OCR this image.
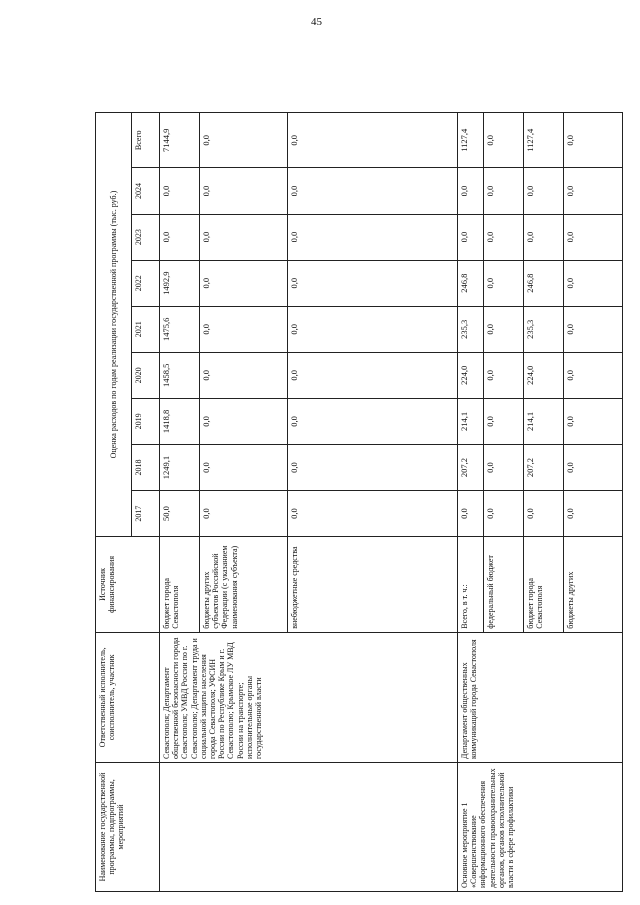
45
Наименование государственной программы, подпрограммы, мероприятий	Ответственный исполнитель, соисполнитель, участник	Источник финансирования	Оценка расходов по годам реализации государственной программы (тыс. руб.)								
			2017	2018	2019	2020	2021	2022	2023	2024	Всего
	Севастополя; Департамент общественной безопасности города Севастополя; УМВД России по г. Севастополю; Департамент труда и социальной защиты населения города Севастополя; УФСИН России по Республике Крым и г. Севастополю; Крымское ЛУ МВД России на транспорте; исполнительные органы государственной власти	бюджет города Севастополя	50,0	1249,1	1418,8	1458,5	1475,6	1492,9	0,0	0,0	7144,9
		бюджеты других субъектов Российской Федерации (с указанием наименования субъекта)	0,0	0,0	0,0	0,0	0,0	0,0	0,0	0,0	0,0
		внебюджетные средства	0,0	0,0	0,0	0,0	0,0	0,0	0,0	0,0	0,0
Основное мероприятие 1 «Совершенствование информационного обеспечения деятельности правоохранительных органов, органов исполнительной власти в сфере профилактики	Департамент общественных коммуникаций города Севастополя	Всего, в т. ч.:	0,0	207,2	214,1	224,0	235,3	246,8	0,0	0,0	1127,4
		федеральный бюджет	0,0	0,0	0,0	0,0	0,0	0,0	0,0	0,0	0,0
		бюджет города Севастополя	0,0	207,2	214,1	224,0	235,3	246,8	0,0	0,0	1127,4
		бюджеты других	0,0	0,0	0,0	0,0	0,0	0,0	0,0	0,0	0,0
